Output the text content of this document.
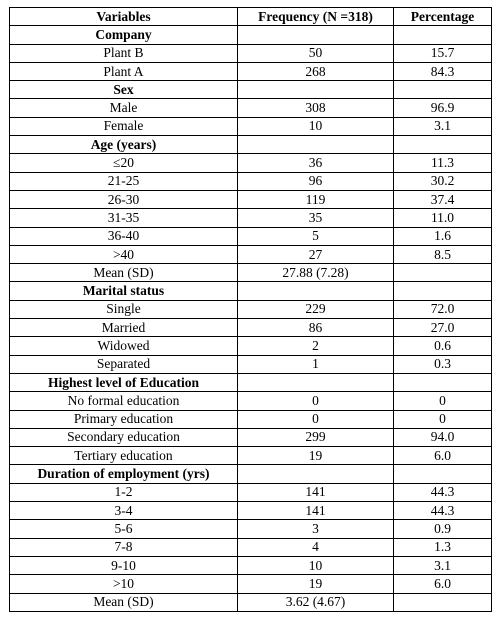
Variables	Frequency (N =318)	Percentage
Company		
Plant B	50	15.7
Plant A	268	84.3
Sex		
Male	308	96.9
Female	10	3.1
Age (years)		
≤20	36	11.3
21-25	96	30.2
26-30	119	37.4
31-35	35	11.0
36-40	5	1.6
>40	27	8.5
Mean (SD)	27.88 (7.28)	
Marital status		
Single	229	72.0
Married	86	27.0
Widowed	2	0.6
Separated	1	0.3
Highest level of Education		
No formal education	0	0
Primary education	0	0
Secondary education	299	94.0
Tertiary education	19	6.0
Duration of employment (yrs)		
1-2	141	44.3
3-4	141	44.3
5-6	3	0.9
7-8	4	1.3
9-10	10	3.1
>10	19	6.0
Mean (SD)	3.62 (4.67)	
